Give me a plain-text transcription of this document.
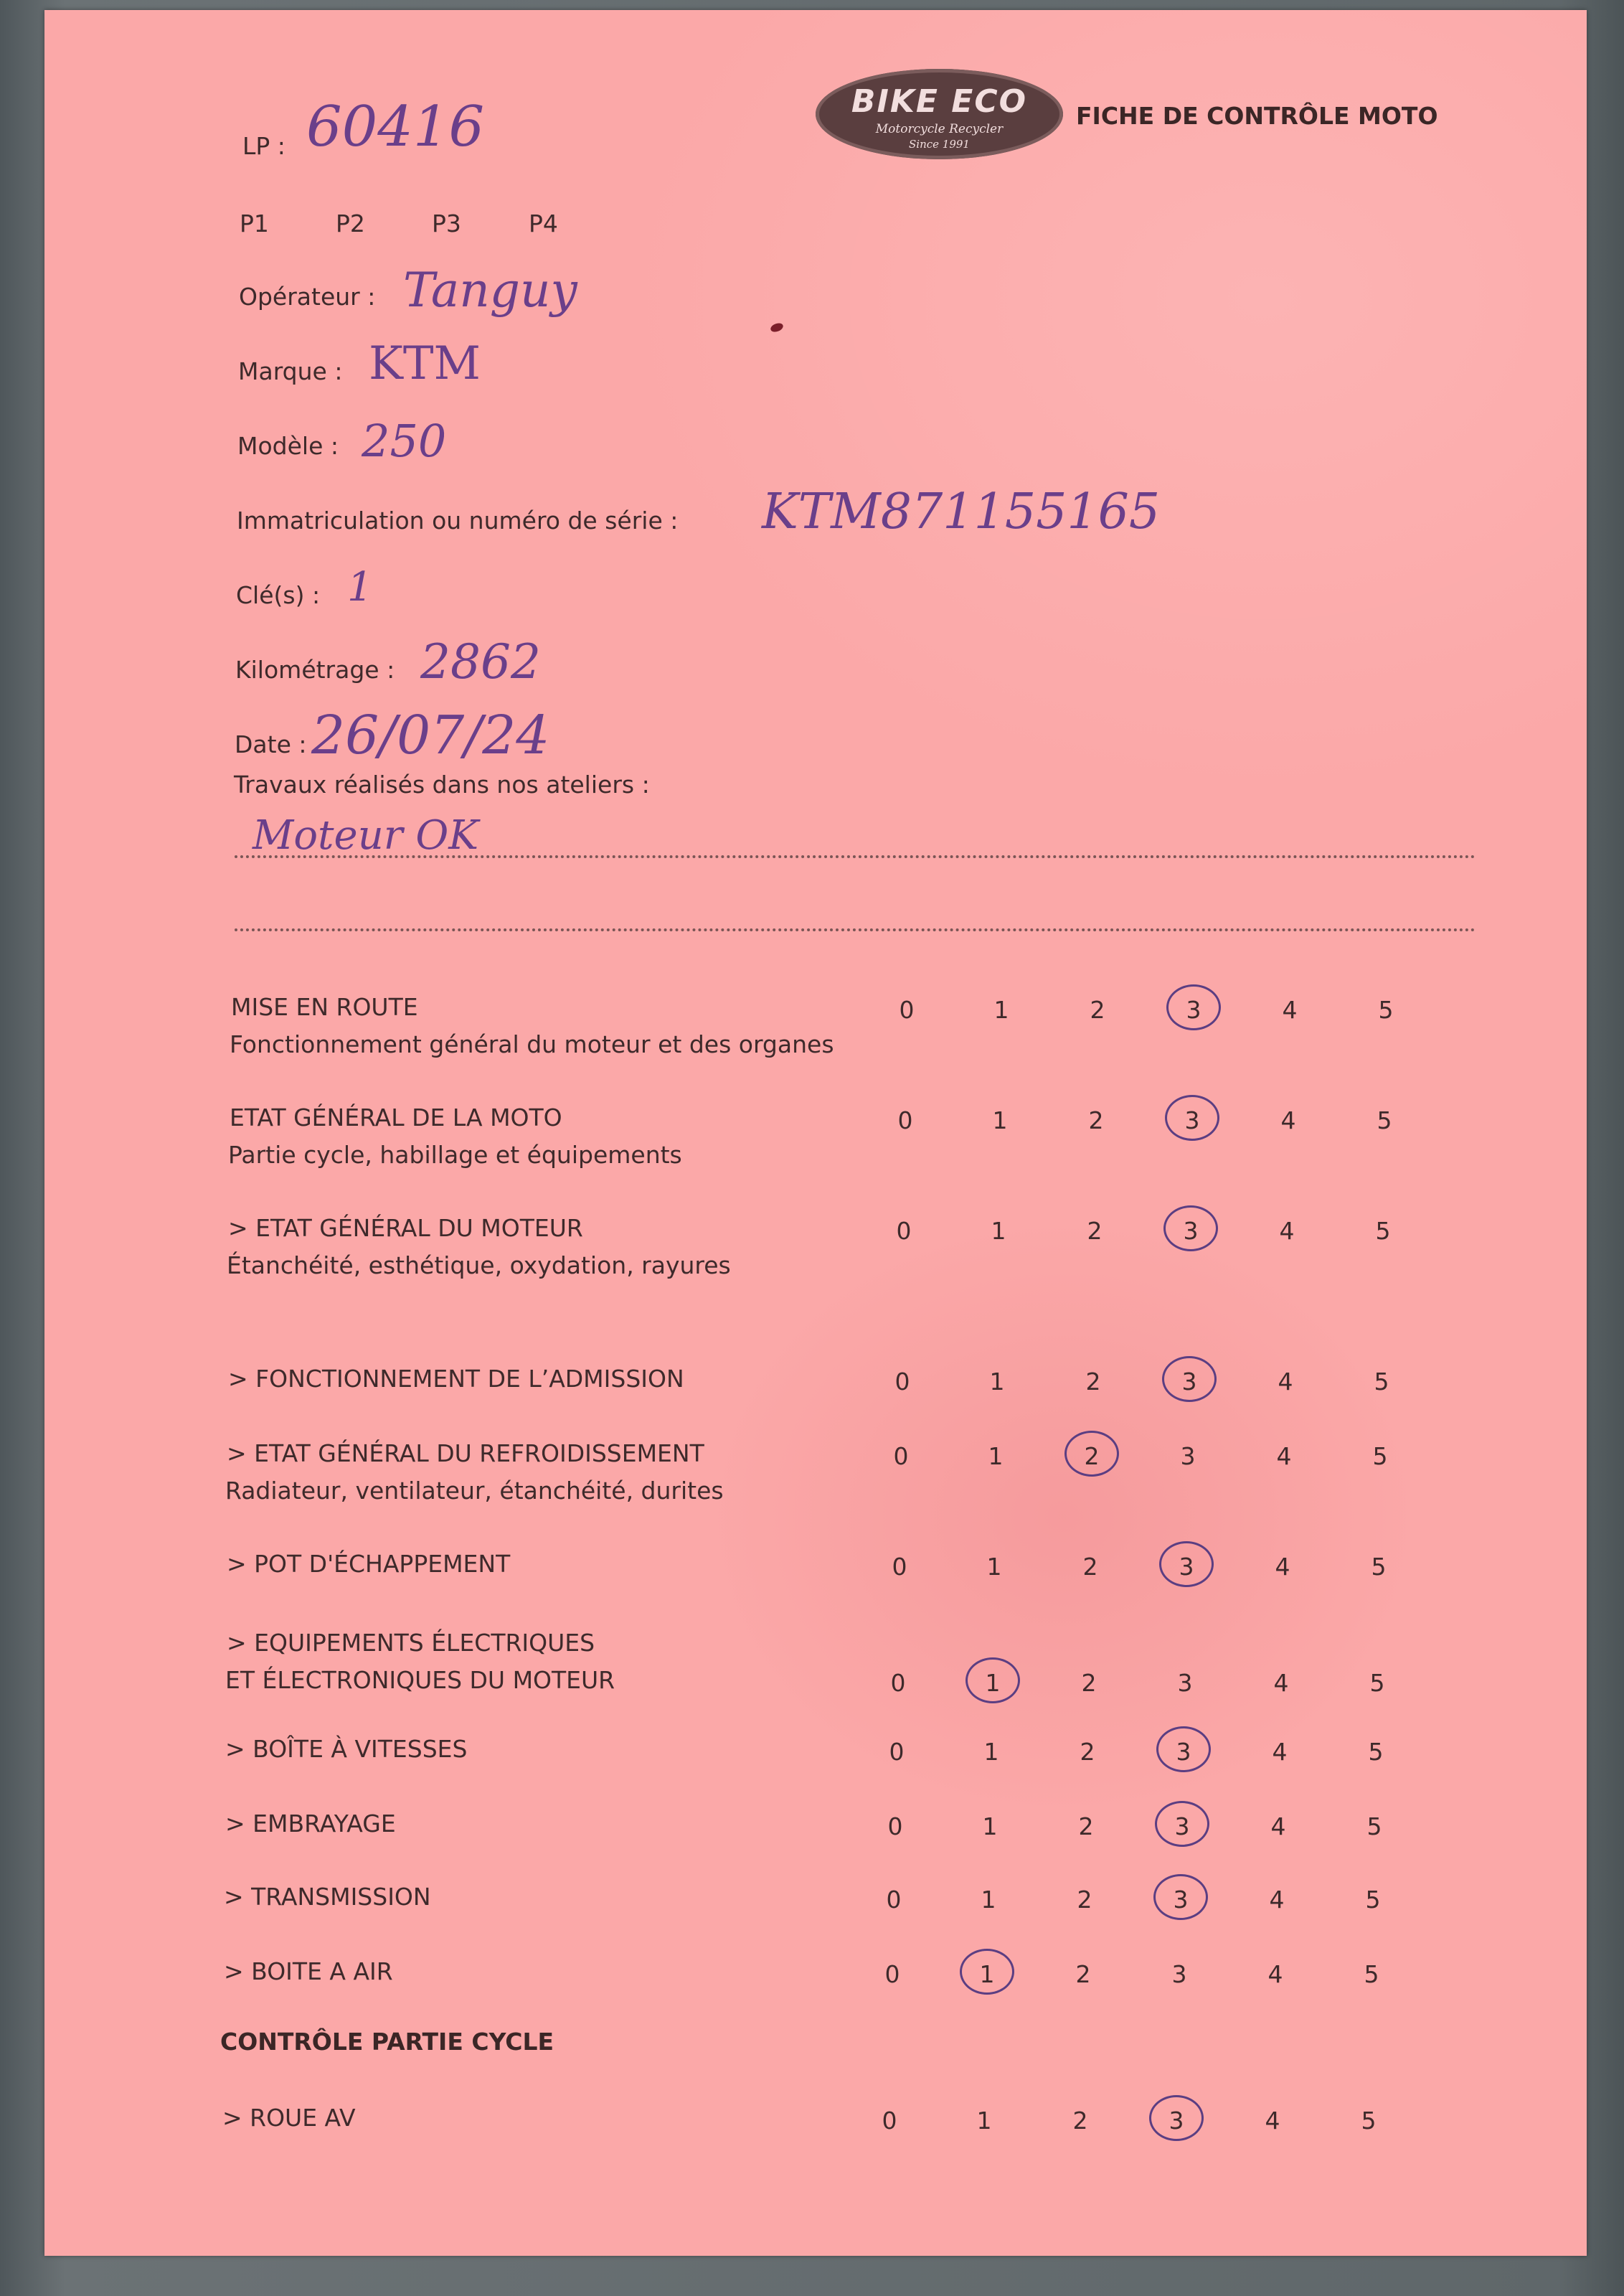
BIKE ECO
Motorcycle Recycler
Since 1991
FICHE DE CONTRÔLE MOTO
LP : 60416
P1	P2	P3	P4
Opérateur : Tanguy
Marque : KTM
Modèle : 250
Immatriculation ou numéro de série : KTM871155165
Clé(s) : 1
Kilométrage : 2862
Date : 26/07/24
Travaux réalisés dans nos ateliers :
Moteur OK
MISE EN ROUTE
Fonctionnement général du moteur et des organes
0	1	2	3	4	5
ETAT GÉNÉRAL DE LA MOTO
Partie cycle, habillage et équipements
0	1	2	3	4	5
> ETAT GÉNÉRAL DU MOTEUR
Étanchéité, esthétique, oxydation, rayures
0	1	2	3	4	5
> FONCTIONNEMENT DE L’ADMISSION	0	1	2	3	4	5
> ETAT GÉNÉRAL DU REFROIDISSEMENT
Radiateur, ventilateur, étanchéité, durites
0	1	2	3	4	5
> POT D'ÉCHAPPEMENT	0	1	2	3	4	5
> EQUIPEMENTS ÉLECTRIQUES
ET ÉLECTRONIQUES DU MOTEUR	0	1	2	3	4	5
> BOÎTE À VITESSES	0	1	2	3	4	5
> EMBRAYAGE	0	1	2	3	4	5
> TRANSMISSION	0	1	2	3	4	5
> BOITE A AIR	0	1	2	3	4	5
CONTRÔLE PARTIE CYCLE
> ROUE AV	0	1	2	3	4	5
